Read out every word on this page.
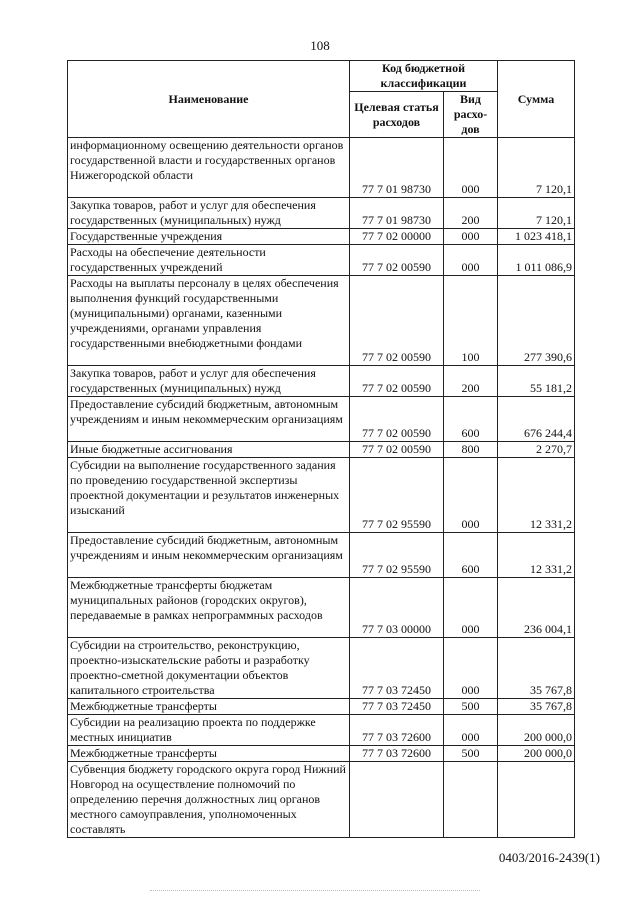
108
Наименование	Код бюджетной классификации		Сумма
	Целевая статья расходов	Вид расхо-дов	
информационному освещению деятельности органов государственной власти и государственных органов Нижегородской области	77 7 01 98730	000	7 120,1
Закупка товаров, работ и услуг для обеспечения государственных (муниципальных) нужд	77 7 01 98730	200	7 120,1
Государственные учреждения	77 7 02 00000	000	1 023 418,1
Расходы на обеспечение деятельности государственных учреждений	77 7 02 00590	000	1 011 086,9
Расходы на выплаты персоналу в целях обеспечения выполнения функций государственными (муниципальными) органами, казенными учреждениями, органами управления государственными внебюджетными фондами	77 7 02 00590	100	277 390,6
Закупка товаров, работ и услуг для обеспечения государственных (муниципальных) нужд	77 7 02 00590	200	55 181,2
Предоставление субсидий бюджетным, автономным учреждениям и иным некоммерческим организациям	77 7 02 00590	600	676 244,4
Иные бюджетные ассигнования	77 7 02 00590	800	2 270,7
Субсидии на выполнение государственного задания по проведению государственной экспертизы проектной документации и результатов инженерных изысканий	77 7 02 95590	000	12 331,2
Предоставление субсидий бюджетным, автономным учреждениям и иным некоммерческим организациям	77 7 02 95590	600	12 331,2
Межбюджетные трансферты бюджетам муниципальных районов (городских округов), передаваемые в рамках непрограммных расходов	77 7 03 00000	000	236 004,1
Субсидии на строительство, реконструкцию, проектно-изыскательские работы и разработку проектно-сметной документации объектов капитального строительства	77 7 03 72450	000	35 767,8
Межбюджетные трансферты	77 7 03 72450	500	35 767,8
Субсидии на реализацию проекта по поддержке местных инициатив	77 7 03 72600	000	200 000,0
Межбюджетные трансферты	77 7 03 72600	500	200 000,0
Субвенция бюджету городского округа город Нижний Новгород на осуществление полномочий по определению перечня должностных лиц органов местного самоуправления, уполномоченных составлять			
0403/2016-2439(1)
